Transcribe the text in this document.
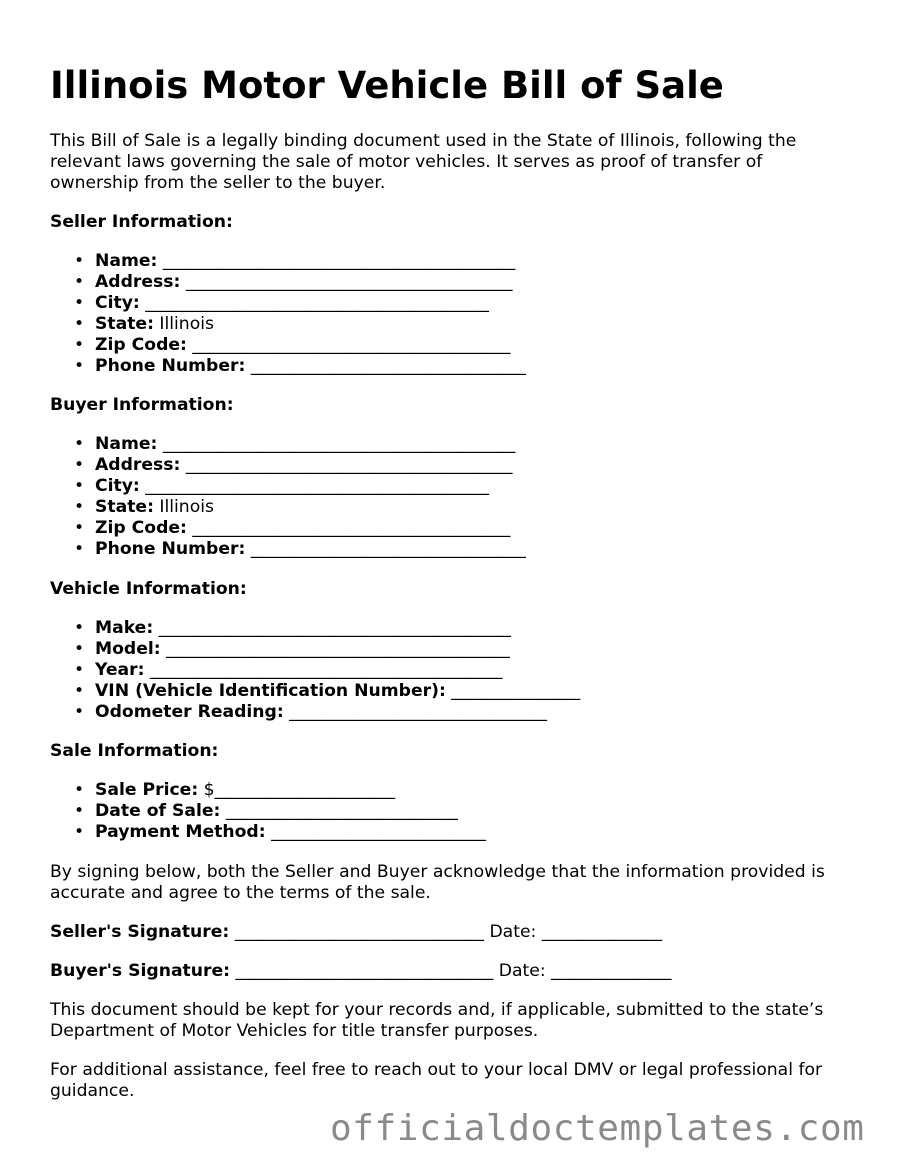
Illinois Motor Vehicle Bill of Sale

This Bill of Sale is a legally binding document used in the State of Illinois, following the relevant laws governing the sale of motor vehicles. It serves as proof of transfer of ownership from the seller to the buyer.

Seller Information:

• Name: _________________________________________
• Address: ______________________________________
• City: ________________________________________
• State: Illinois
• Zip Code: _____________________________________
• Phone Number: ________________________________

Buyer Information:

• Name: _________________________________________
• Address: ______________________________________
• City: ________________________________________
• State: Illinois
• Zip Code: _____________________________________
• Phone Number: ________________________________

Vehicle Information:

• Make: _________________________________________
• Model: ________________________________________
• Year: _________________________________________
• VIN (Vehicle Identification Number): _______________
• Odometer Reading: ______________________________

Sale Information:

• Sale Price: $_____________________
• Date of Sale: ___________________________
• Payment Method: _________________________

By signing below, both the Seller and Buyer acknowledge that the information provided is accurate and agree to the terms of the sale.

Seller's Signature: _____________________________ Date: ______________

Buyer's Signature: ______________________________ Date: ______________

This document should be kept for your records and, if applicable, submitted to the state’s Department of Motor Vehicles for title transfer purposes.

For additional assistance, feel free to reach out to your local DMV or legal professional for guidance.

officialdoctemplates.com
